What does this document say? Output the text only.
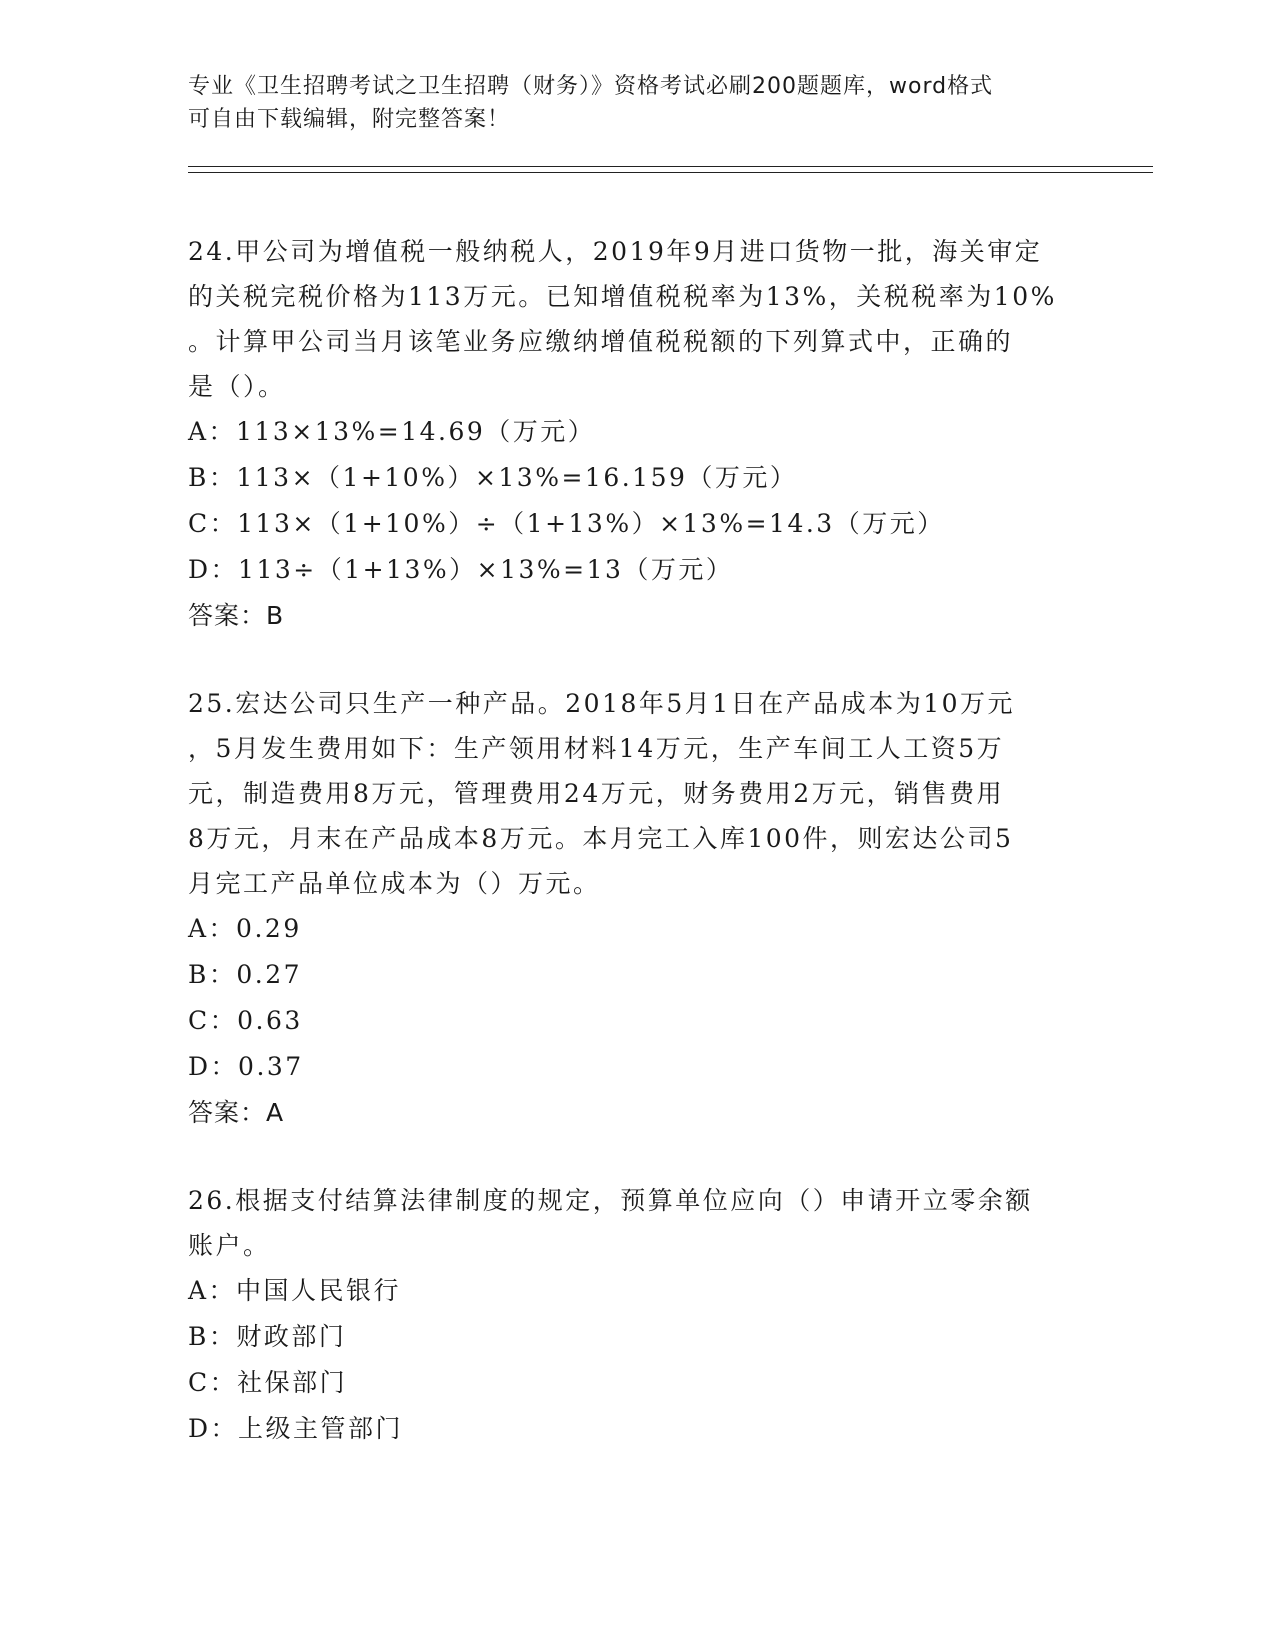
专业《卫生招聘考试之卫生招聘（财务）》资格考试必刷200题题库，word格式
可自由下载编辑，附完整答案！

24.甲公司为增值税一般纳税人，2019年9月进口货物一批，海关审定

的关税完税价格为113万元。已知增值税税率为13%，关税税率为10%

。计算甲公司当月该笔业务应缴纳增值税税额的下列算式中，正确的

是（）。

A：113×13%=14.69（万元）

B：113×（1+10%）×13%=16.159（万元）

C：113×（1+10%）÷（1+13%）×13%=14.3（万元）

D：113÷（1+13%）×13%=13（万元）

答案：B

25.宏达公司只生产一种产品。2018年5月1日在产品成本为10万元

，5月发生费用如下：生产领用材料14万元，生产车间工人工资5万

元，制造费用8万元，管理费用24万元，财务费用2万元，销售费用

8万元，月末在产品成本8万元。本月完工入库100件，则宏达公司5

月完工产品单位成本为（）万元。

A：0.29

B：0.27

C：0.63

D：0.37

答案：A

26.根据支付结算法律制度的规定，预算单位应向（）申请开立零余额

账户。

A：中国人民银行

B：财政部门

C：社保部门

D：上级主管部门
